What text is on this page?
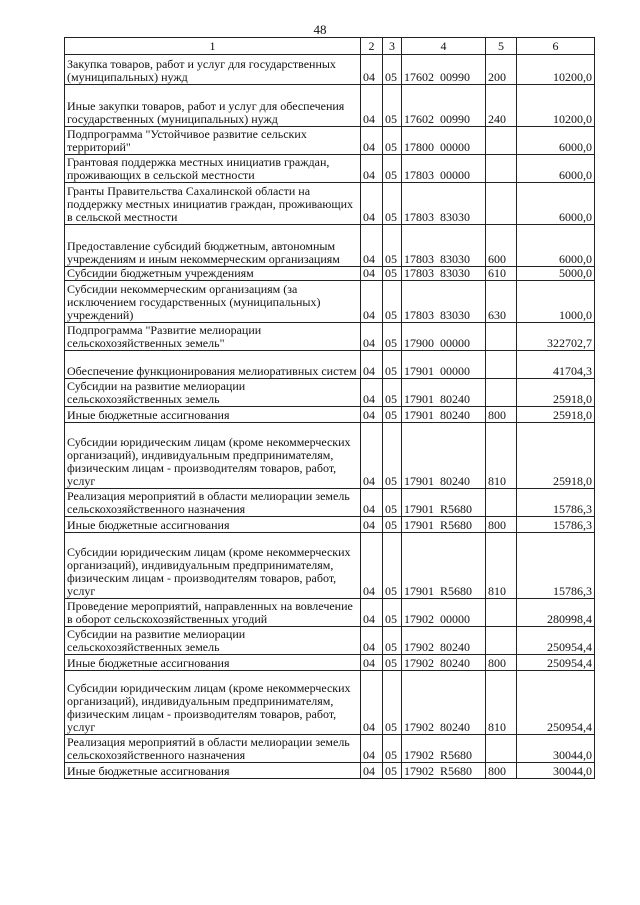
48
1	2	3	4	5	6
Закупка товаров, работ и услуг для государственных (муниципальных) нужд	04	05	17602  00990	200	10200,0
Иные закупки товаров, работ и услуг для обеспечения государственных (муниципальных) нужд	04	05	17602  00990	240	10200,0
Подпрограмма "Устойчивое развитие сельских территорий"	04	05	17800  00000		6000,0
Грантовая поддержка местных инициатив граждан, проживающих в сельской местности	04	05	17803  00000		6000,0
Гранты Правительства Сахалинской области на поддержку местных инициатив граждан, проживающих в сельской местности	04	05	17803  83030		6000,0
Предоставление субсидий бюджетным, автономным учреждениям и иным некоммерческим организациям	04	05	17803  83030	600	6000,0
Субсидии бюджетным учреждениям	04	05	17803  83030	610	5000,0
Субсидии некоммерческим организациям (за исключением государственных (муниципальных) учреждений)	04	05	17803  83030	630	1000,0
Подпрограмма "Развитие мелиорации сельскохозяйственных земель"	04	05	17900  00000		322702,7
Обеспечение функционирования мелиоративных систем	04	05	17901  00000		41704,3
Субсидии на развитие мелиорации сельскохозяйственных земель	04	05	17901  80240		25918,0
Иные бюджетные ассигнования	04	05	17901  80240	800	25918,0
Субсидии юридическим лицам (кроме некоммерческих организаций), индивидуальным предпринимателям, физическим лицам - производителям товаров, работ, услуг	04	05	17901  80240	810	25918,0
Реализация мероприятий в области мелиорации земель сельскохозяйственного назначения	04	05	17901  R5680		15786,3
Иные бюджетные ассигнования	04	05	17901  R5680	800	15786,3
Субсидии юридическим лицам (кроме некоммерческих организаций), индивидуальным предпринимателям, физическим лицам - производителям товаров, работ, услуг	04	05	17901  R5680	810	15786,3
Проведение мероприятий, направленных на вовлечение в оборот сельскохозяйственных угодий	04	05	17902  00000		280998,4
Субсидии на развитие мелиорации сельскохозяйственных земель	04	05	17902  80240		250954,4
Иные бюджетные ассигнования	04	05	17902  80240	800	250954,4
Субсидии юридическим лицам (кроме некоммерческих организаций), индивидуальным предпринимателям, физическим лицам - производителям товаров, работ, услуг	04	05	17902  80240	810	250954,4
Реализация мероприятий в области мелиорации земель сельскохозяйственного назначения	04	05	17902  R5680		30044,0
Иные бюджетные ассигнования	04	05	17902  R5680	800	30044,0
